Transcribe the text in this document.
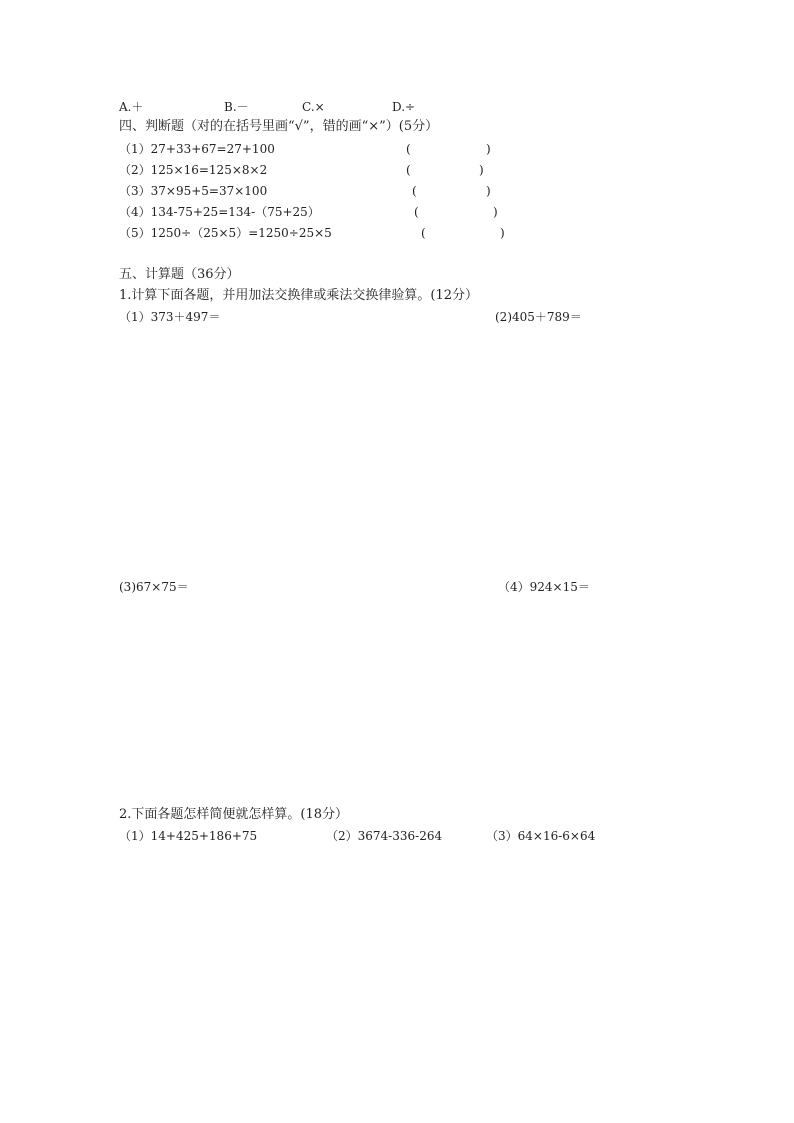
A.＋	B.－	C.×	D.÷
四、判断题（对的在括号里画“√”，错的画“×”）(5分）
（1）27+33+67=27+100	(	)
（2）125×16=125×8×2	(	)
（3）37×95+5=37×100	(	)
（4）134-75+25=134-（75+25）	(	)
（5）1250÷（25×5）=1250÷25×5	(	)
五、计算题（36分）
1.计算下面各题，并用加法交换律或乘法交换律验算。(12分）
（1）373＋497＝	(2)405＋789＝
(3)67×75＝	（4）924×15＝
2.下面各题怎样简便就怎样算。(18分）
（1）14+425+186+75	（2）3674-336-264	（3）64×16-6×64
